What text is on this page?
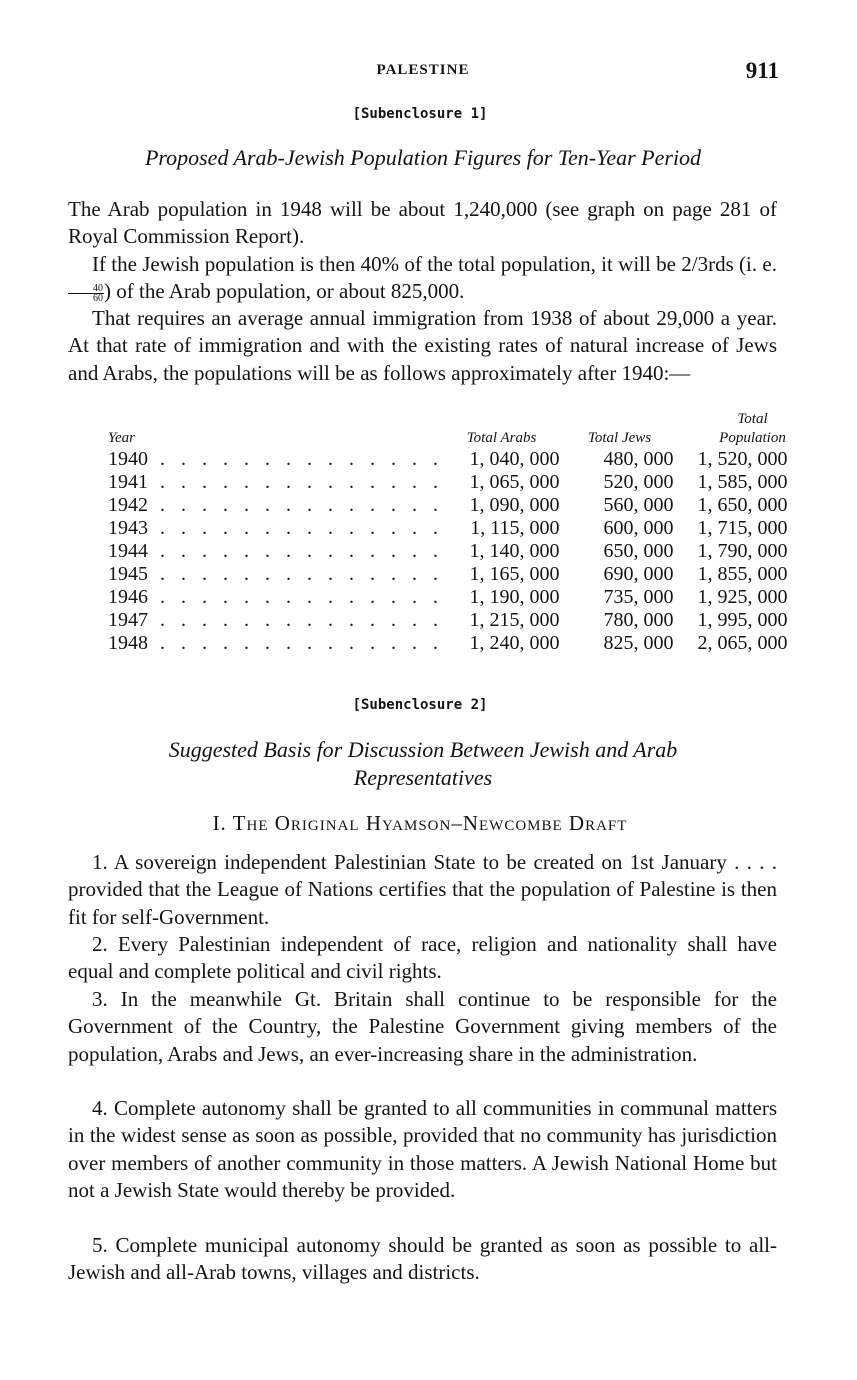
PALESTINE	911
[Subenclosure 1]
Proposed Arab-Jewish Population Figures for Ten-Year Period

The Arab population in 1948 will be about 1,240,000 (see graph on page 281 of Royal Commission Report).

If the Jewish population is then 40% of the total population, it will be 2/3rds (i. e.
$\frac{40}{60}$ ) of the Arab population, or about 825,000.

That requires an average annual immigration from 1938 of about 29,000 a year. At that rate of immigration and with the existing rates of natural increase of Jews and Arabs, the populations will be as follows approximately after 1940:—

Year		Total Arabs	Total Jews	Total
Population
1940	. . . . . . . . . . . . . .	1, 040, 000	480, 000	1, 520, 000
1941	. . . . . . . . . . . . . .	1, 065, 000	520, 000	1, 585, 000
1942	. . . . . . . . . . . . . .	1, 090, 000	560, 000	1, 650, 000
1943	. . . . . . . . . . . . . .	1, 115, 000	600, 000	1, 715, 000
1944	. . . . . . . . . . . . . .	1, 140, 000	650, 000	1, 790, 000
1945	. . . . . . . . . . . . . .	1, 165, 000	690, 000	1, 855, 000
1946	. . . . . . . . . . . . . .	1, 190, 000	735, 000	1, 925, 000
1947	. . . . . . . . . . . . . .	1, 215, 000	780, 000	1, 995, 000
1948	. . . . . . . . . . . . . .	1, 240, 000	825, 000	2, 065, 000
[Subenclosure 2]
Suggested Basis for Discussion Between Jewish and Arab
Representatives
I. The Original Hyamson–Newcombe Draft

1. A sovereign independent Palestinian State to be created on 1st January . . . . provided that the League of Nations certifies that the population of Palestine is then fit for self-Government.

2. Every Palestinian independent of race, religion and nationality shall have equal and complete political and civil rights.

3. In the meanwhile Gt. Britain shall continue to be responsible for the Government of the Country, the Palestine Government giving members of the population, Arabs and Jews, an ever-increasing share in the administration.

4. Complete autonomy shall be granted to all communities in communal matters in the widest sense as soon as possible, provided that no community has jurisdiction over members of another community in those matters. A Jewish National Home but not a Jewish State would thereby be provided.

5. Complete municipal autonomy should be granted as soon as possible to all-Jewish and all-Arab towns, villages and districts.
